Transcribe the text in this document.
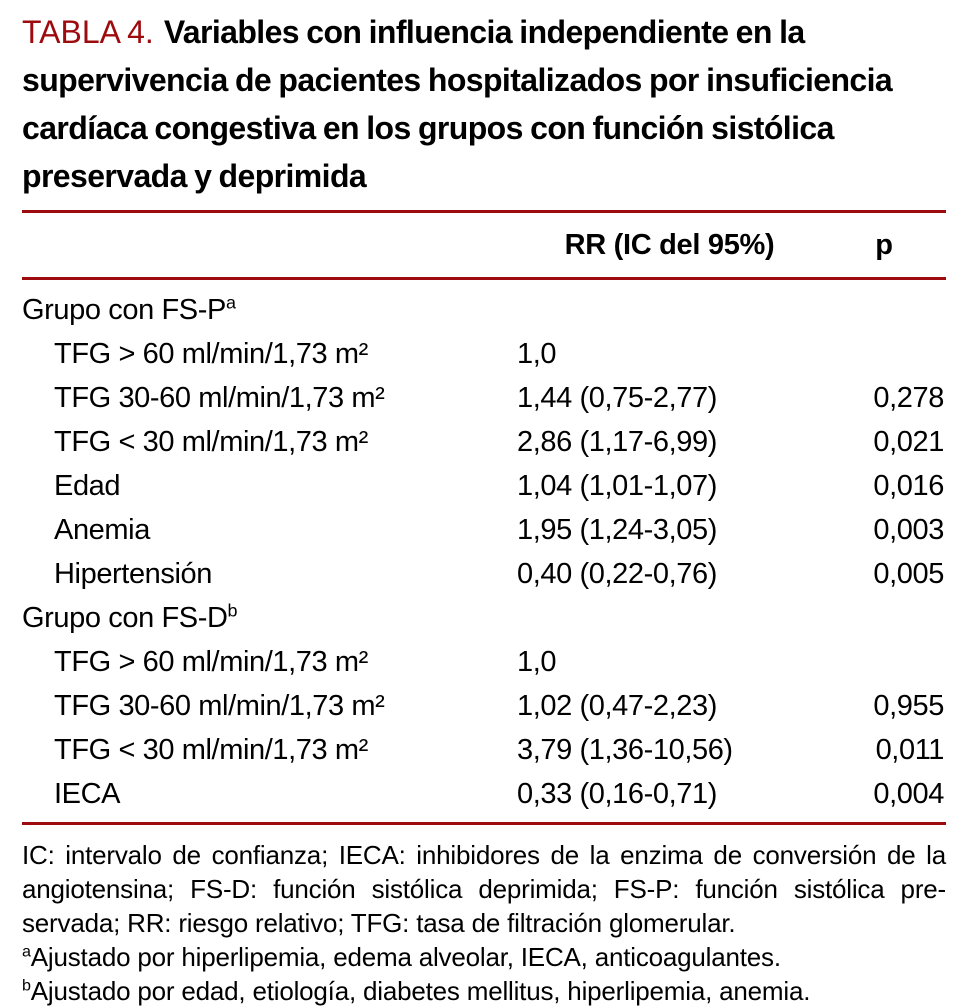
TABLA 4. Variables con influencia independiente en la supervivencia de pacientes hospitalizados por insuficiencia cardíaca congestiva en los grupos con función sistólica preservada y deprimida
RR (IC del 95%)	p
Grupo con $FS-P^a$
TFG > 60 ml/min/1,73 m²	1,0
TFG 30-60 ml/min/1,73 m²	1,44 (0,75-2,77)	0,278
TFG < 30 ml/min/1,73 m²	2,86 (1,17-6,99)	0,021
Edad	1,04 (1,01-1,07)	0,016
Anemia	1,95 (1,24-3,05)	0,003
Hipertensión	0,40 (0,22-0,76)	0,005
Grupo con $FS-D^b$
TFG > 60 ml/min/1,73 m²	1,0
TFG 30-60 ml/min/1,73 m²	1,02 (0,47-2,23)	0,955
TFG < 30 ml/min/1,73 m²	3,79 (1,36-10,56)	0,011
IECA	0,33 (0,16-0,71)	0,004
IC: intervalo de confianza; IECA: inhibidores de la enzima de conversión de la
angiotensina; FS-D: función sistólica deprimida; FS-P: función sistólica pre-
servada; RR: riesgo relativo; TFG: tasa de filtración glomerular.
$^a$Ajustado por hiperlipemia, edema alveolar, IECA, anticoagulantes.
$^b$Ajustado por edad, etiología, diabetes mellitus, hiperlipemia, anemia.
